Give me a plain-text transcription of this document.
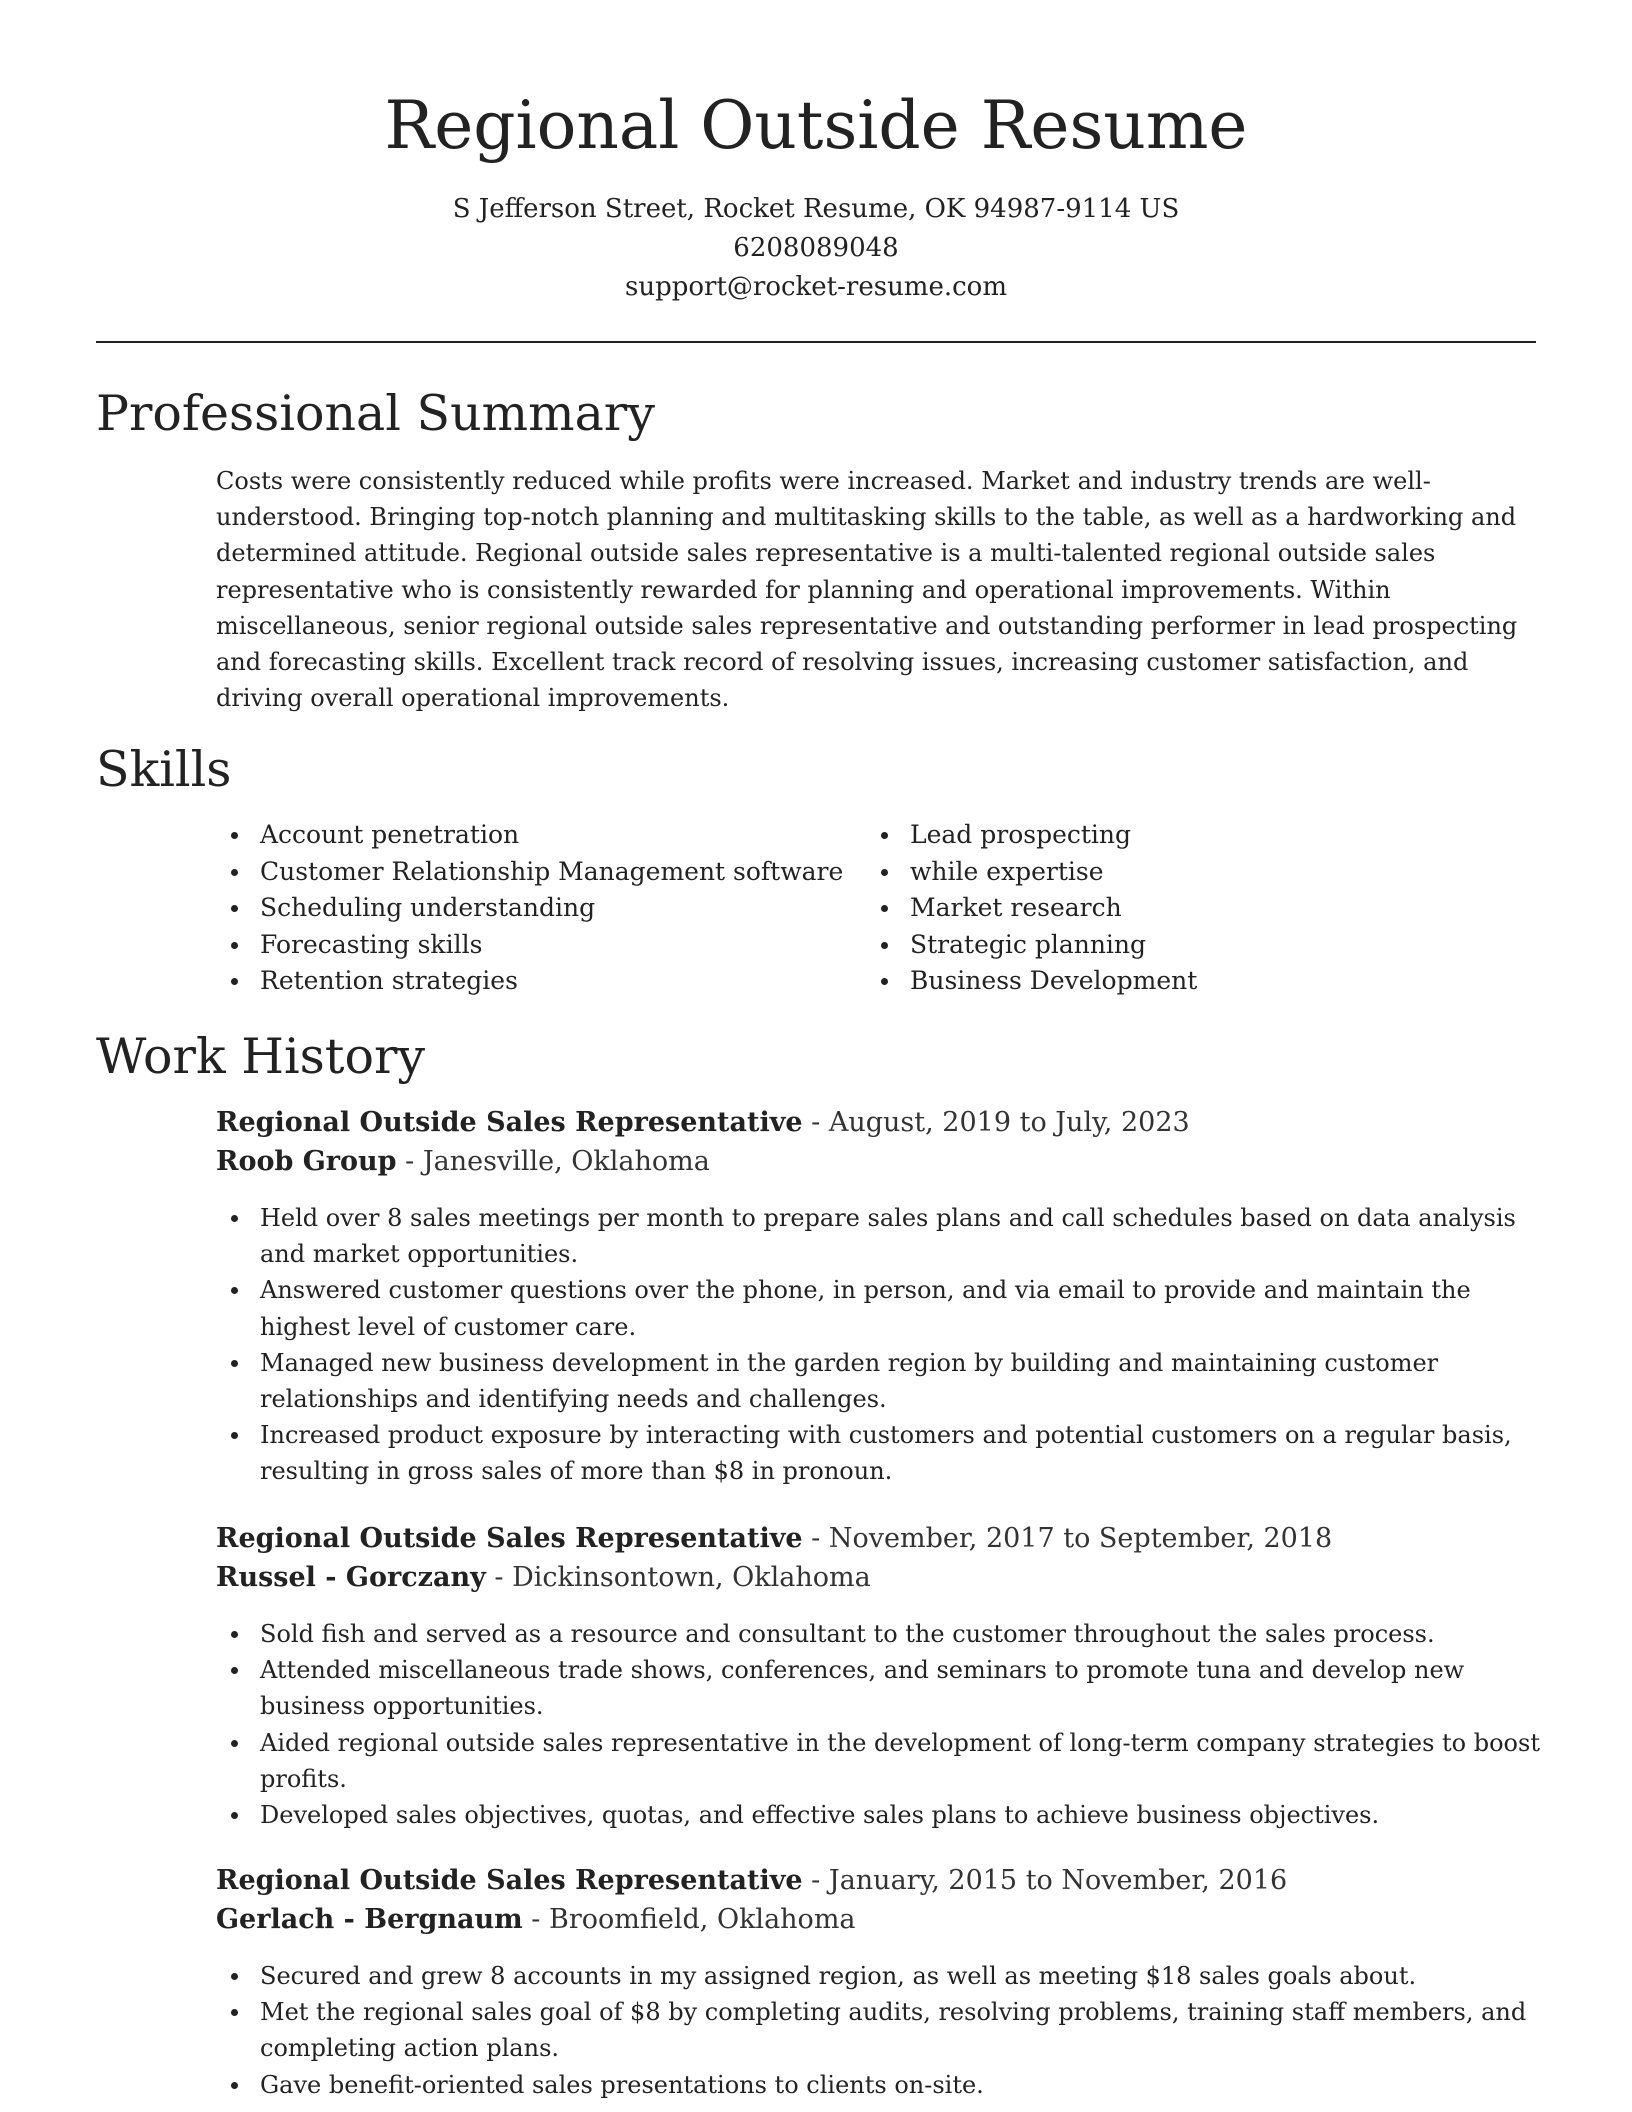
Regional Outside Resume
S Jefferson Street, Rocket Resume, OK 94987-9114 US
6208089048
support@rocket-resume.com
Professional Summary

Costs were consistently reduced while profits were increased. Market and industry trends are well-understood. Bringing top-notch planning and multitasking skills to the table, as well as a hardworking and determined attitude. Regional outside sales representative is a multi-talented regional outside sales representative who is consistently rewarded for planning and operational improvements. Within miscellaneous, senior regional outside sales representative and outstanding performer in lead prospecting and forecasting skills. Excellent track record of resolving issues, increasing customer satisfaction, and driving overall operational improvements.

Skills
Account penetration
Customer Relationship Management software
Scheduling understanding
Forecasting skills
Retention strategies
Lead prospecting
while expertise
Market research
Strategic planning
Business Development
Work History
Regional Outside Sales Representative - August, 2019 to July, 2023
Roob Group - Janesville, Oklahoma
Held over 8 sales meetings per month to prepare sales plans and call schedules based on data analysis and market opportunities.
Answered customer questions over the phone, in person, and via email to provide and maintain the highest level of customer care.
Managed new business development in the garden region by building and maintaining customer relationships and identifying needs and challenges.
Increased product exposure by interacting with customers and potential customers on a regular basis, resulting in gross sales of more than $8 in pronoun.
Regional Outside Sales Representative - November, 2017 to September, 2018
Russel - Gorczany - Dickinsontown, Oklahoma
Sold fish and served as a resource and consultant to the customer throughout the sales process.
Attended miscellaneous trade shows, conferences, and seminars to promote tuna and develop new business opportunities.
Aided regional outside sales representative in the development of long-term company strategies to boost profits.
Developed sales objectives, quotas, and effective sales plans to achieve business objectives.
Regional Outside Sales Representative - January, 2015 to November, 2016
Gerlach - Bergnaum - Broomfield, Oklahoma
Secured and grew 8 accounts in my assigned region, as well as meeting $18 sales goals about.
Met the regional sales goal of $8 by completing audits, resolving problems, training staff members, and completing action plans.
Gave benefit-oriented sales presentations to clients on-site.
